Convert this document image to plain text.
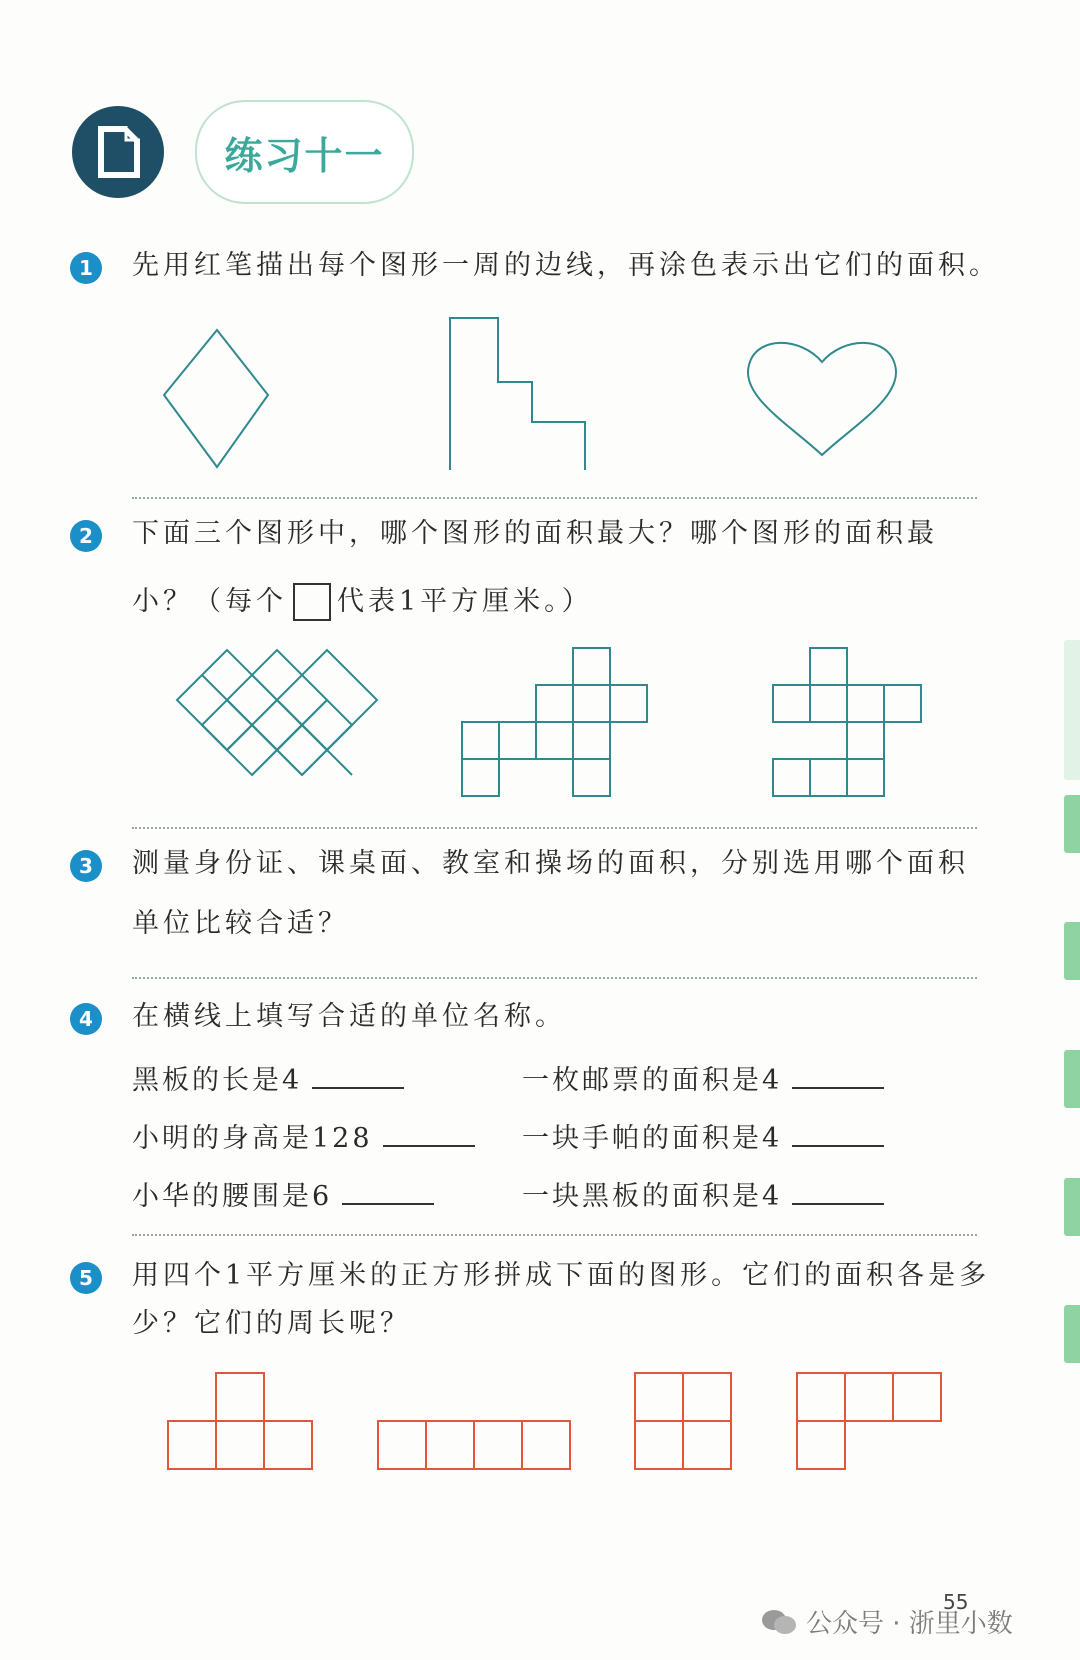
练习十一
1	先用红笔描出每个图形一周的边线，再涂色表示出它们的面积。
2	下面三个图形中，哪个图形的面积最大？哪个图形的面积最
小？（每个 代表1平方厘米。）
3	测量身份证、课桌面、教室和操场的面积，分别选用哪个面积
单位比较合适？
4	在横线上填写合适的单位名称。
黑板的长是4	一枚邮票的面积是4
小明的身高是128	一块手帕的面积是4
小华的腰围是6	一块黑板的面积是4
5	用四个1平方厘米的正方形拼成下面的图形。它们的面积各是多
少？它们的周长呢？
55
公众号 · 浙里小数
